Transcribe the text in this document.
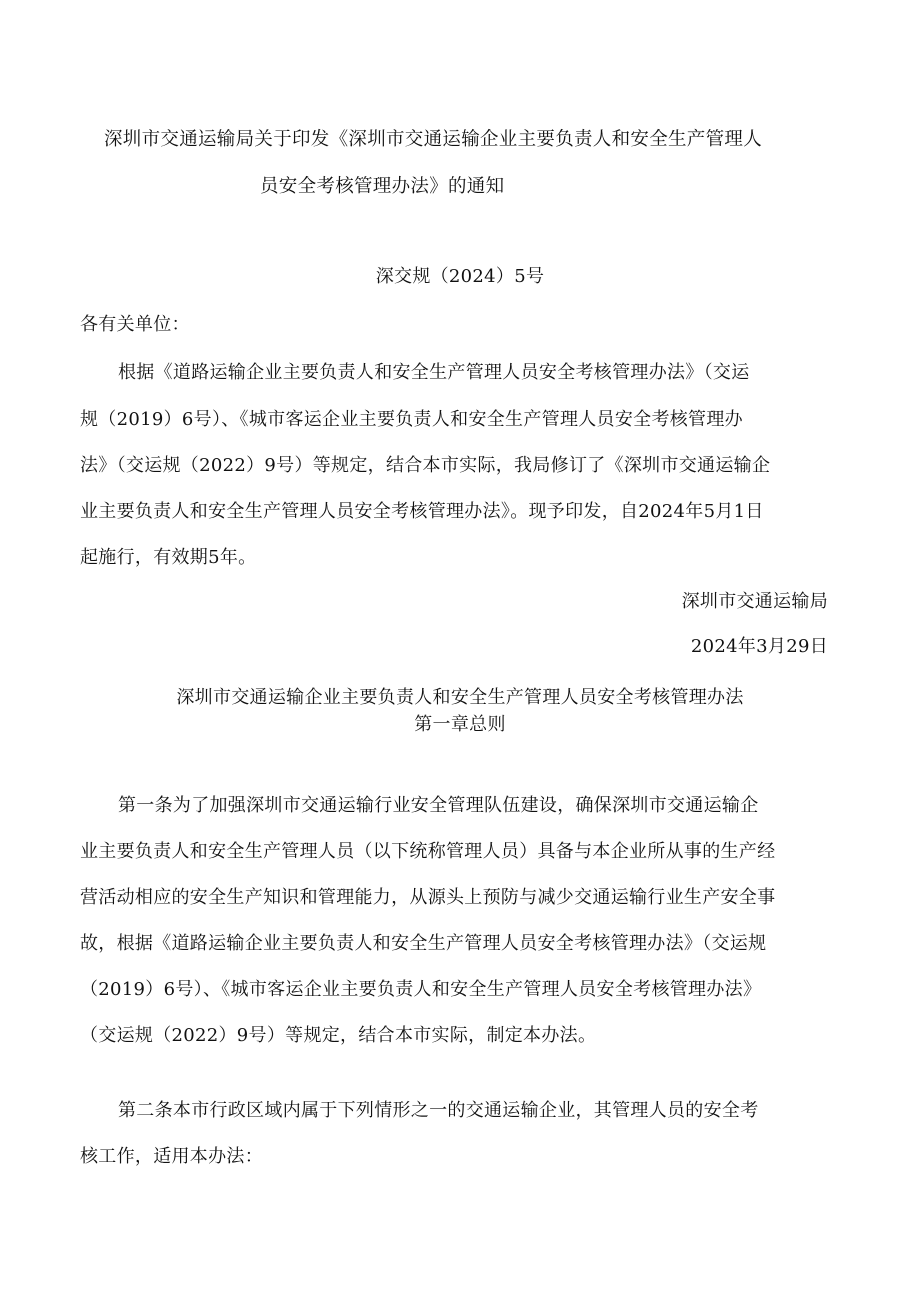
深圳市交通运输局关于印发《深圳市交通运输企业主要负责人和安全生产管理人
员安全考核管理办法》的通知
深交规（2024）5号
各有关单位：
根据《道路运输企业主要负责人和安全生产管理人员安全考核管理办法》（交运
规（2019）6号）、《城市客运企业主要负责人和安全生产管理人员安全考核管理办
法》（交运规（2022）9号）等规定，结合本市实际，我局修订了《深圳市交通运输企
业主要负责人和安全生产管理人员安全考核管理办法》。现予印发，自2024年5月1日
起施行，有效期5年。
深圳市交通运输局
2024年3月29日
深圳市交通运输企业主要负责人和安全生产管理人员安全考核管理办法
第一章总则
第一条为了加强深圳市交通运输行业安全管理队伍建设，确保深圳市交通运输企
业主要负责人和安全生产管理人员（以下统称管理人员）具备与本企业所从事的生产经
营活动相应的安全生产知识和管理能力，从源头上预防与减少交通运输行业生产安全事
故，根据《道路运输企业主要负责人和安全生产管理人员安全考核管理办法》（交运规
（2019）6号）、《城市客运企业主要负责人和安全生产管理人员安全考核管理办法》
（交运规（2022）9号）等规定，结合本市实际，制定本办法。
第二条本市行政区域内属于下列情形之一的交通运输企业，其管理人员的安全考
核工作，适用本办法：
